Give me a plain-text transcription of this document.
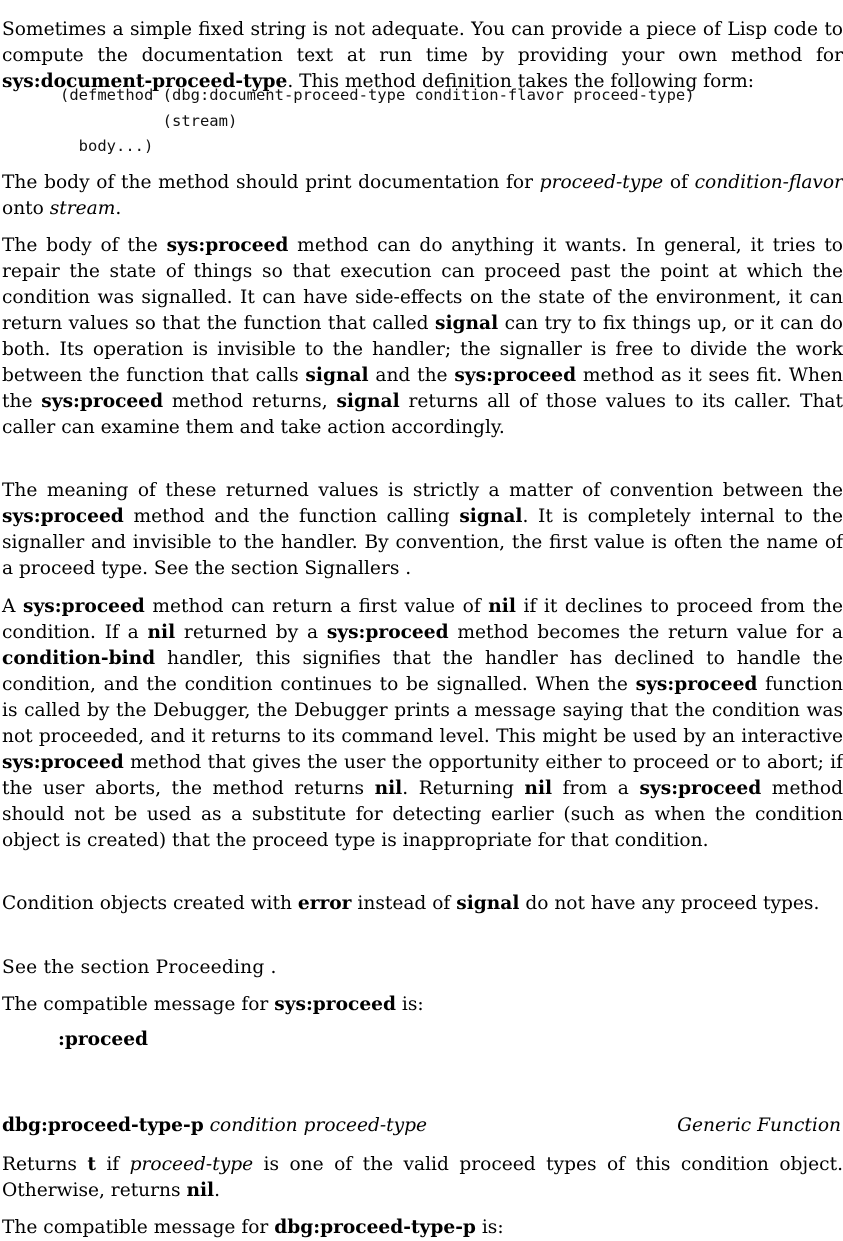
Sometimes a simple fixed string is not adequate. You can provide a piece of Lisp code to compute the documentation text at run time by providing your own method for sys:document-proceed-type. This method definition takes the following form:

(defmethod (dbg:document-proceed-type condition-flavor proceed-type)
(stream)
body...)

The body of the method should print documentation for proceed-type of condition-flavor onto stream.

The body of the sys:proceed method can do anything it wants. In general, it tries to repair the state of things so that execution can proceed past the point at which the condition was signalled. It can have side-effects on the state of the environment, it can return values so that the function that called signal can try to fix things up, or it can do both. Its operation is invisible to the handler; the signaller is free to divide the work between the function that calls signal and the sys:proceed method as it sees fit. When the sys:proceed method returns, signal returns all of those values to its caller. That caller can examine them and take action accordingly.

The meaning of these returned values is strictly a matter of convention between the sys:proceed method and the function calling signal. It is completely internal to the signaller and invisible to the handler. By convention, the first value is often the name of a proceed type. See the section Signallers .

A sys:proceed method can return a first value of nil if it declines to proceed from the condition. If a nil returned by a sys:proceed method becomes the return value for a condition-bind handler, this signifies that the handler has declined to handle the condition, and the condition continues to be signalled. When the sys:proceed function is called by the Debugger, the Debugger prints a message saying that the condition was not proceeded, and it returns to its command level. This might be used by an interactive sys:proceed method that gives the user the opportunity either to proceed or to abort; if the user aborts, the method returns nil. Returning nil from a sys:proceed method should not be used as a substitute for detecting earlier (such as when the condition object is created) that the proceed type is inappropriate for that condition.

Condition objects created with error instead of signal do not have any proceed types.

See the section Proceeding .

The compatible message for sys:proceed is:

:proceed

dbg:proceed-type-p condition proceed-type	Generic Function

Returns t if proceed-type is one of the valid proceed types of this condition object. Otherwise, returns nil.

The compatible message for dbg:proceed-type-p is:
